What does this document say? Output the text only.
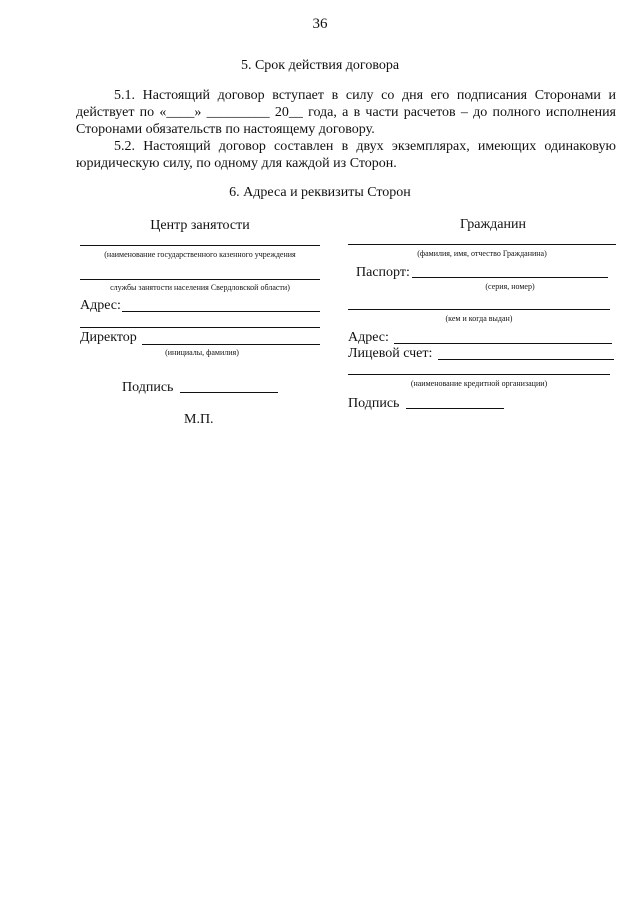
36
5. Срок действия договора
5.1. Настоящий договор вступает в силу со дня его подписания Сторонами и действует по «____» _________ 20__ года, а в части расчетов – до полного исполнения Сторонами обязательств по настоящему договору.
5.2. Настоящий договор составлен в двух экземплярах, имеющих одинаковую юридическую силу, по одному для каждой из Сторон.
6. Адреса и реквизиты Сторон
Центр занятости
(наименование государственного казенного учреждения
службы занятости населения Свердловской области)
Адрес:
Директор
(инициалы, фамилия)
Подпись
М.П.
Гражданин
(фамилия, имя, отчество Гражданина)
Паспорт:
(серия, номер)
(кем и когда выдан)
Адрес:
Лицевой счет:
(наименование кредитной организации)
Подпись
